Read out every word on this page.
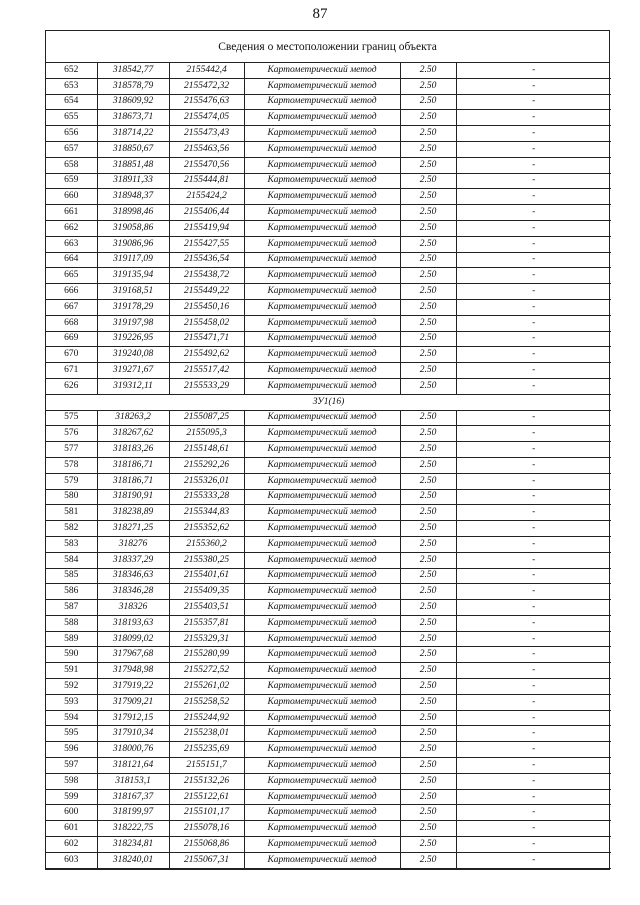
87
Сведения о местоположении границ объекта
652	318542,77	2155442,4	Картометрический метод	2.50	-
653	318578,79	2155472,32	Картометрический метод	2.50	-
654	318609,92	2155476,63	Картометрический метод	2.50	-
655	318673,71	2155474,05	Картометрический метод	2.50	-
656	318714,22	2155473,43	Картометрический метод	2.50	-
657	318850,67	2155463,56	Картометрический метод	2.50	-
658	318851,48	2155470,56	Картометрический метод	2.50	-
659	318911,33	2155444,81	Картометрический метод	2.50	-
660	318948,37	2155424,2	Картометрический метод	2.50	-
661	318998,46	2155406,44	Картометрический метод	2.50	-
662	319058,86	2155419,94	Картометрический метод	2.50	-
663	319086,96	2155427,55	Картометрический метод	2.50	-
664	319117,09	2155436,54	Картометрический метод	2.50	-
665	319135,94	2155438,72	Картометрический метод	2.50	-
666	319168,51	2155449,22	Картометрический метод	2.50	-
667	319178,29	2155450,16	Картометрический метод	2.50	-
668	319197,98	2155458,02	Картометрический метод	2.50	-
669	319226,95	2155471,71	Картометрический метод	2.50	-
670	319240,08	2155492,62	Картометрический метод	2.50	-
671	319271,67	2155517,42	Картометрический метод	2.50	-
626	319312,11	2155533,29	Картометрический метод	2.50	-
ЗУ1(16)					
575	318263,2	2155087,25	Картометрический метод	2.50	-
576	318267,62	2155095,3	Картометрический метод	2.50	-
577	318183,26	2155148,61	Картометрический метод	2.50	-
578	318186,71	2155292,26	Картометрический метод	2.50	-
579	318186,71	2155326,01	Картометрический метод	2.50	-
580	318190,91	2155333,28	Картометрический метод	2.50	-
581	318238,89	2155344,83	Картометрический метод	2.50	-
582	318271,25	2155352,62	Картометрический метод	2.50	-
583	318276	2155360,2	Картометрический метод	2.50	-
584	318337,29	2155380,25	Картометрический метод	2.50	-
585	318346,63	2155401,61	Картометрический метод	2.50	-
586	318346,28	2155409,35	Картометрический метод	2.50	-
587	318326	2155403,51	Картометрический метод	2.50	-
588	318193,63	2155357,81	Картометрический метод	2.50	-
589	318099,02	2155329,31	Картометрический метод	2.50	-
590	317967,68	2155280,99	Картометрический метод	2.50	-
591	317948,98	2155272,52	Картометрический метод	2.50	-
592	317919,22	2155261,02	Картометрический метод	2.50	-
593	317909,21	2155258,52	Картометрический метод	2.50	-
594	317912,15	2155244,92	Картометрический метод	2.50	-
595	317910,34	2155238,01	Картометрический метод	2.50	-
596	318000,76	2155235,69	Картометрический метод	2.50	-
597	318121,64	2155151,7	Картометрический метод	2.50	-
598	318153,1	2155132,26	Картометрический метод	2.50	-
599	318167,37	2155122,61	Картометрический метод	2.50	-
600	318199,97	2155101,17	Картометрический метод	2.50	-
601	318222,75	2155078,16	Картометрический метод	2.50	-
602	318234,81	2155068,86	Картометрический метод	2.50	-
603	318240,01	2155067,31	Картометрический метод	2.50	-
